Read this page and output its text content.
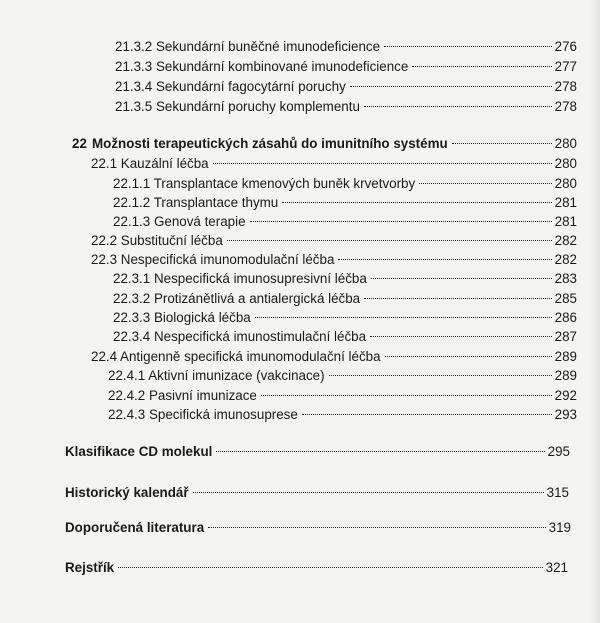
21.3.2 Sekundární buněčné imunodeficience	276
21.3.3 Sekundární kombinované imunodeficience	277
21.3.4 Sekundární fagocytární poruchy	278
21.3.5 Sekundární poruchy komplementu	278
22 Možnosti terapeutických zásahů do imunitního systému	280
22.1 Kauzální léčba	280
22.1.1 Transplantace kmenových buněk krvetvorby	280
22.1.2 Transplantace thymu	281
22.1.3 Genová terapie	281
22.2 Substituční léčba	282
22.3 Nespecifická imunomodulační léčba	282
22.3.1 Nespecifická imunosupresivní léčba	283
22.3.2 Protizánětlivá a antialergická léčba	285
22.3.3 Biologická léčba	286
22.3.4 Nespecifická imunostimulační léčba	287
22.4 Antigenně specifická imunomodulační léčba	289
22.4.1 Aktivní imunizace (vakcinace)	289
22.4.2 Pasivní imunizace	292
22.4.3 Specifická imunosuprese	293
Klasifikace CD molekul	295
Historický kalendář	315
Doporučená literatura	319
Rejstřík	321
